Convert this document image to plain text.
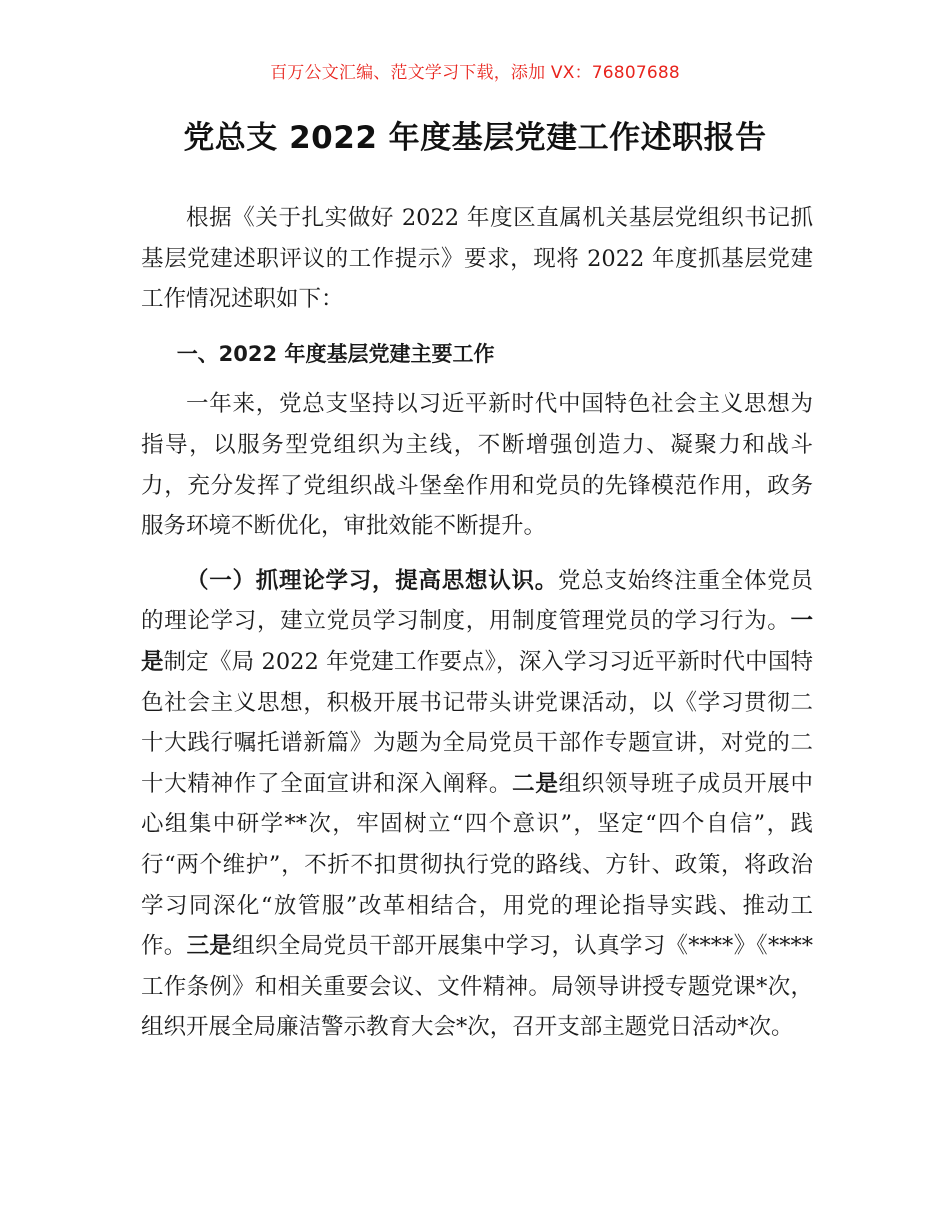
百万公文汇编、范文学习下载，添加 VX：76807688
党总支 2022 年度基层党建工作述职报告

根据《关于扎实做好 2022 年度区直属机关基层党组织书记抓基层党建述职评议的工作提示》要求，现将 2022 年度抓基层党建工作情况述职如下：

一、2022 年度基层党建主要工作

一年来，党总支坚持以习近平新时代中国特色社会主义思想为指导，以服务型党组织为主线，不断增强创造力、凝聚力和战斗力，充分发挥了党组织战斗堡垒作用和党员的先锋模范作用，政务服务环境不断优化，审批效能不断提升。

（一）抓理论学习，提高思想认识。党总支始终注重全体党员的理论学习，建立党员学习制度，用制度管理党员的学习行为。一是制定《局 2022 年党建工作要点》，深入学习习近平新时代中国特色社会主义思想，积极开展书记带头讲党课活动，以《学习贯彻二十大践行嘱托谱新篇》为题为全局党员干部作专题宣讲，对党的二十大精神作了全面宣讲和深入阐释。二是组织领导班子成员开展中心组集中研学**次，牢固树立“四个意识”，坚定“四个自信”，践行“两个维护”，不折不扣贯彻执行党的路线、方针、政策，将政治学习同深化“放管服”改革相结合，用党的理论指导实践、推动工作。三是组织全局党员干部开展集中学习，认真学习《****》《****工作条例》和相关重要会议、文件精神。局领导讲授专题党课*次，组织开展全局廉洁警示教育大会*次，召开支部主题党日活动*次。
